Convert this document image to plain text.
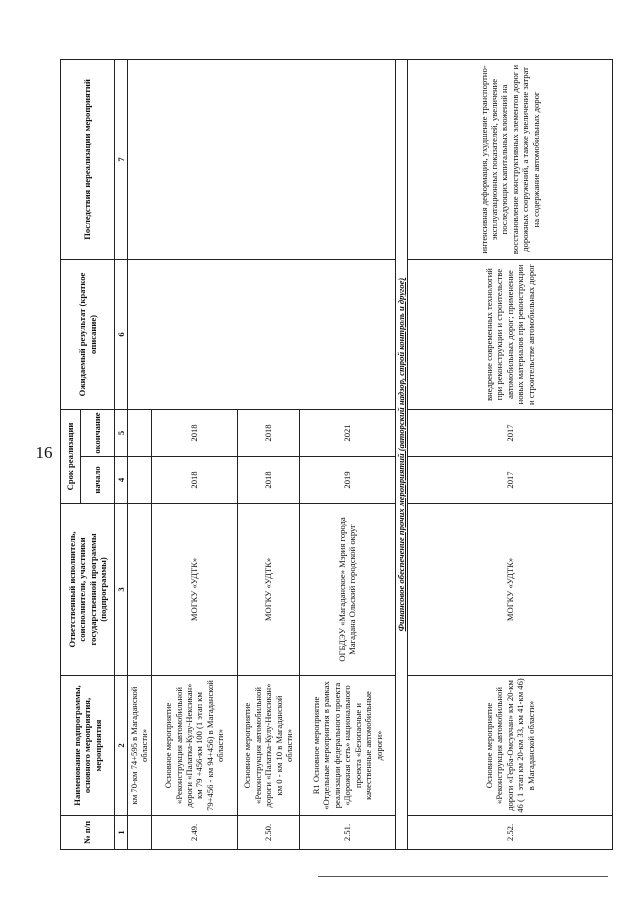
16
№ п/п	Наименование подпрограммы, основного мероприятия, мероприятия	Ответственный исполнитель, соисполнители, участники государственной программы (подпрограммы)	Срок реализации		Ожидаемый результат (краткое описание)	Последствия нереализации мероприятий
			начало	окончание		
1	2	3	4	5	6	7
	км 70-км 74+595 в Магаданской области»					
2.49.	Основное мероприятие «Реконструкция автомобильной дороги «Палатка-Кулу-Нексикан» км 79 +456-км 100 (1 этап км 79+456 - км 94+456) в Магаданской области»	МОГКУ «УДТК»	2018	2018		
2.50.	Основное мероприятие «Реконструкция автомобильной дороги «Палатка-Кулу-Нексикан» км 0 - км 10 в Магаданской области»	МОГКУ «УДТК»	2018	2018		
2.51.	R1 Основное мероприятие «Отдельные мероприятия в рамках реализации федерального проекта «Дорожная сеть» национального проекта «Безопасные и качественные автомобильные дороги»	ОГБДЭУ «Магаданское» Мэрия города Магадана Ольский городской округ	2019	2021		
Финансовое обеспечение прочих мероприятий (авторский надзор, строй контроль и другое)						
2.52.	Основное мероприятие «Реконструкция автомобильной дороги «Герба-Омсукчан» км 20-км 46 ( 1 этап км 20-км 33, км 41-км 46) в Магаданской области»	МОГКУ «УДТК»	2017	2017	внедрение современных технологий при реконструкции и строительстве автомобильных дорог; применение новых материалов при реконструкции и строительстве автомобильных дорог	интенсивная деформация, ухудшение транспортно-эксплуатационных показателей, увеличение последующих капитальных вложений на восстановление конструктивных элементов дорог и дорожных сооружений, а также увеличение затрат на содержание автомобильных дорог
